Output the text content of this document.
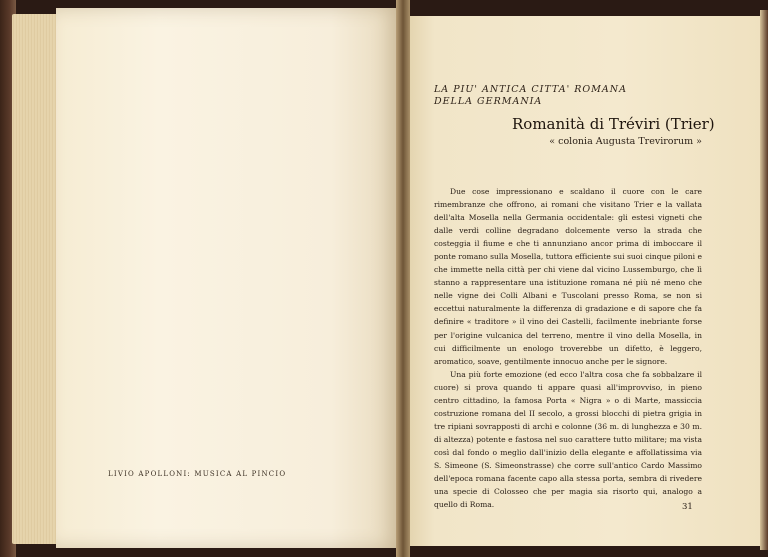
LIVIO APOLLONI: MUSICA AL PINCIO
LA PIU' ANTICA CITTA' ROMANA
DELLA GERMANIA
Romanità di Tréviri (Trier)
« colonia Augusta Trevirorum »

Due cose impressionano e scaldano il cuore con le care rimembranze che offrono, ai romani che visitano Trier e la vallata dell'alta Mosella nella Germania occidentale: gli estesi vigneti che dalle verdi colline degradano dolcemente verso la strada che costeggia il fiume e che ti annunziano ancor prima di imboccare il ponte romano sulla Mosella, tuttora efficiente sui suoi cinque piloni e che immette nella città per chi viene dal vicino Lussemburgo, che lì stanno a rappresentare una istituzione romana né più né meno che nelle vigne dei Colli Albani e Tuscolani presso Roma, se non si eccettui naturalmente la differenza di gradazione e di sapore che fa definire « traditore » il vino dei Castelli, facilmente inebriante forse per l'origine vulcanica del terreno, mentre il vino della Mosella, in cui difficilmente un enologo troverebbe un difetto, è leggero, aromatico, soave, gentilmente innocuo anche per le signore.

Una più forte emozione (ed ecco l'altra cosa che fa sobbalzare il cuore) si prova quando ti appare quasi all'improvviso, in pieno centro cittadino, la famosa Porta « Nigra » o di Marte, massiccia costruzione romana del II secolo, a grossi blocchi di pietra grigia in tre ripiani sovrapposti di archi e colonne (36 m. di lunghezza e 30 m. di altezza) potente e fastosa nel suo carattere tutto militare; ma vista così dal fondo o meglio dall'inizio della elegante e affollatissima via S. Simeone (S. Simeonstrasse) che corre sull'antico Cardo Massimo dell'epoca romana facente capo alla stessa porta, sembra di rivedere una specie di Colosseo che per magia sia risorto qui, analogo a quello di Roma.	31
